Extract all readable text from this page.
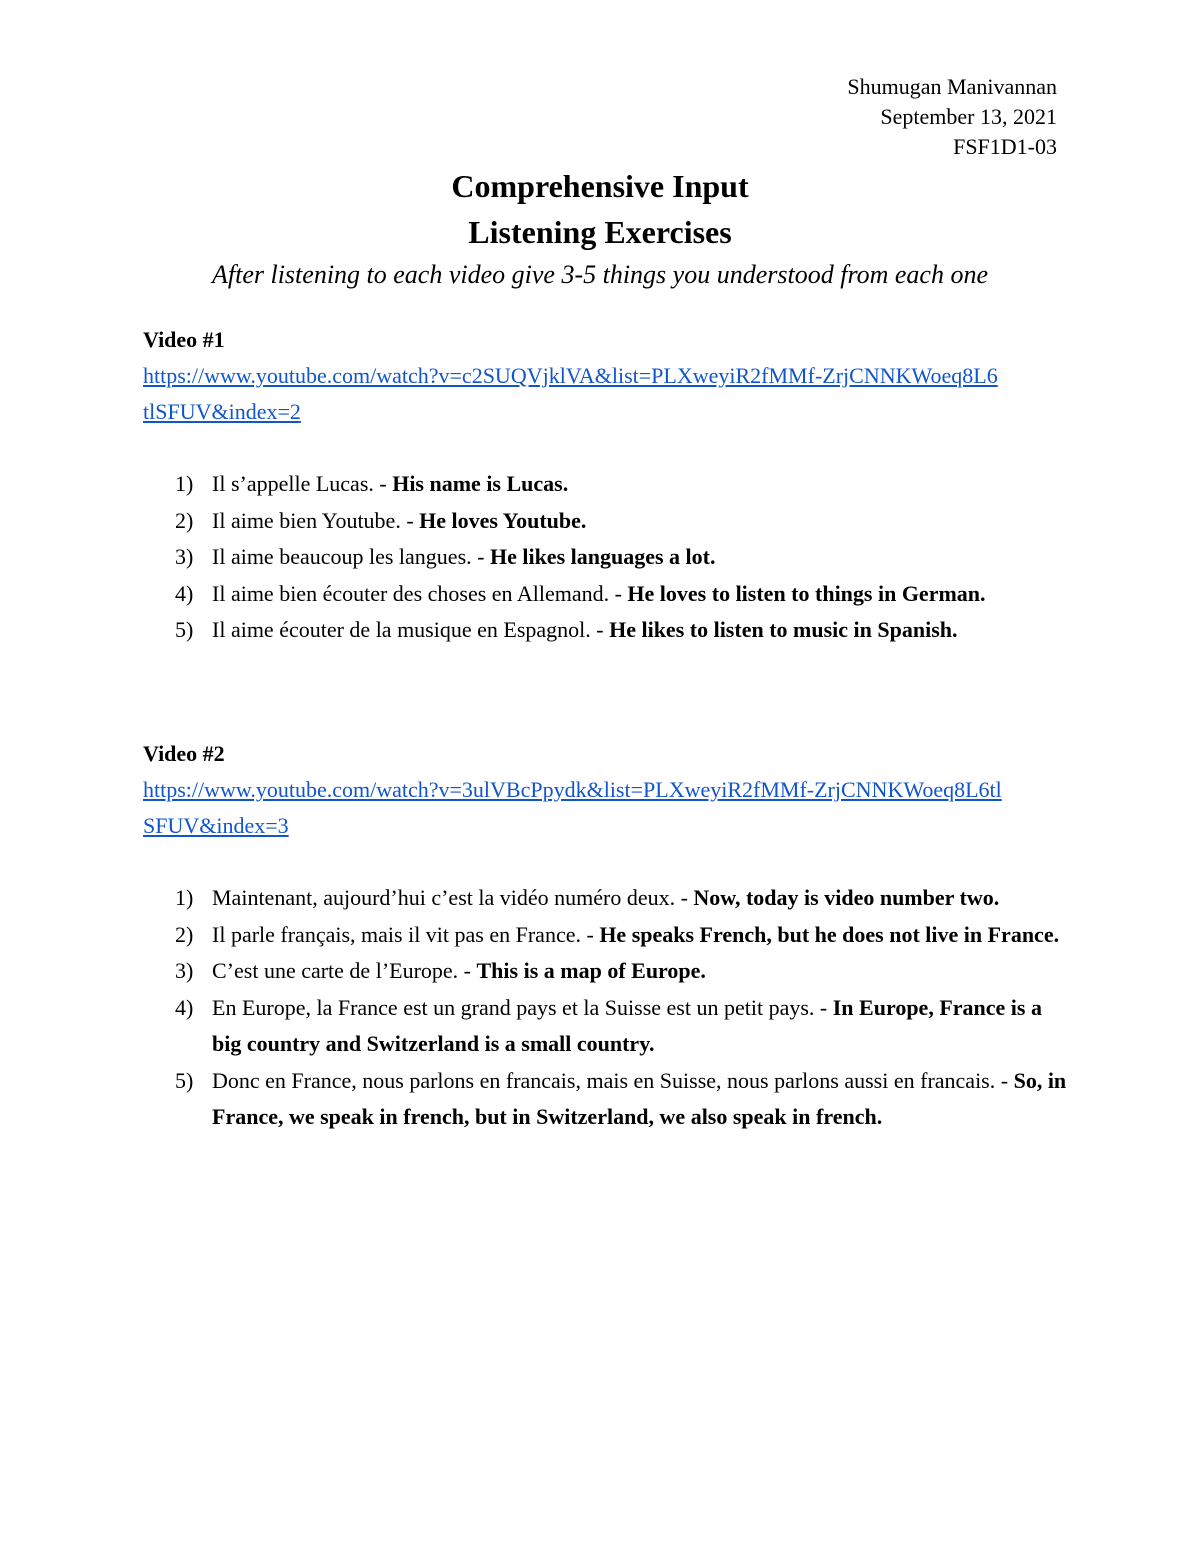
Shumugan Manivannan
September 13, 2021
FSF1D1-03
Comprehensive Input
Listening Exercises
After listening to each video give 3-5 things you understood from each one

Video #1

https://www.youtube.com/watch?v=c2SUQVjklVA&list=PLXweyiR2fMMf-ZrjCNNKWoeq8L6tlSFUV&index=2
1) Il s’appelle Lucas. - His name is Lucas.
2) Il aime bien Youtube. - He loves Youtube.
3) Il aime beaucoup les langues. - He likes languages a lot.
4) Il aime bien écouter des choses en Allemand. - He loves to listen to things in German.
5) Il aime écouter de la musique en Espagnol. - He likes to listen to music in Spanish.

Video #2

https://www.youtube.com/watch?v=3ulVBcPpydk&list=PLXweyiR2fMMf-ZrjCNNKWoeq8L6tlSFUV&index=3
1) Maintenant, aujourd’hui c’est la vidéo numéro deux. - Now, today is video number two.
2) Il parle français, mais il vit pas en France. - He speaks French, but he does not live in France.
3) C’est une carte de l’Europe. - This is a map of Europe.
4) En Europe, la France est un grand pays et la Suisse est un petit pays. - In Europe, France is a big country and Switzerland is a small country.
5) Donc en France, nous parlons en francais, mais en Suisse, nous parlons aussi en francais. - So, in France, we speak in french, but in Switzerland, we also speak in french.
